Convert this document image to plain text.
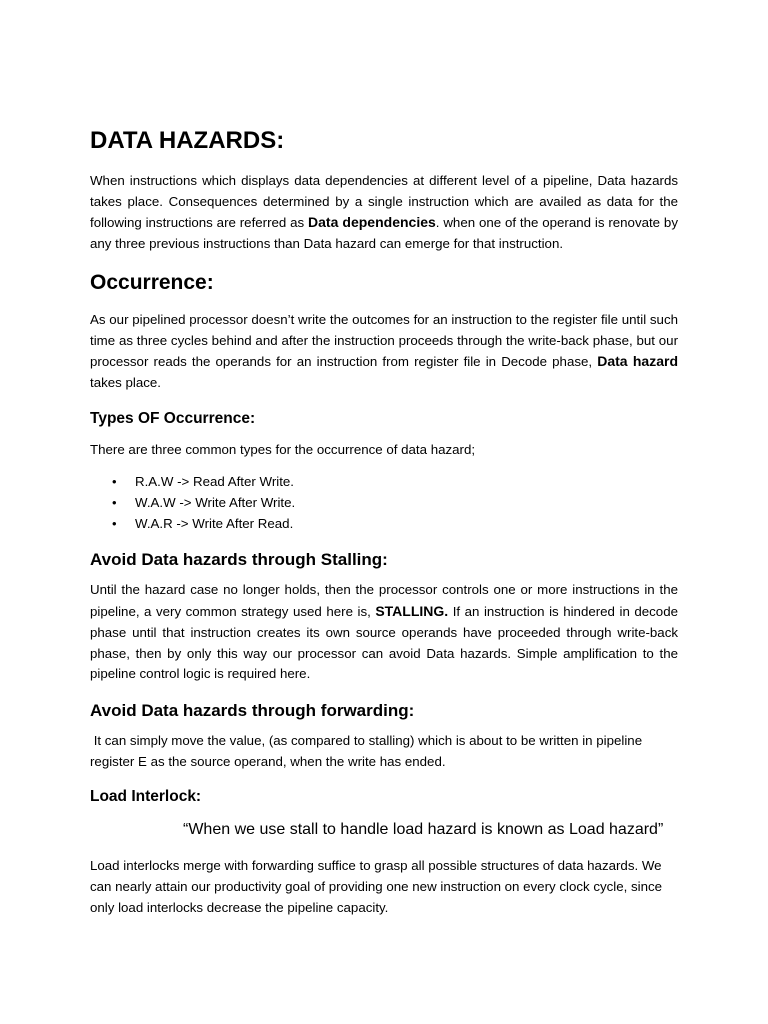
DATA HAZARDS:

When instructions which displays data dependencies at different level of a pipeline, Data hazards takes place. Consequences determined by a single instruction which are availed as data for the following instructions are referred as Data dependencies. when one of the operand is renovate by any three previous instructions than Data hazard can emerge for that instruction.

Occurrence:

As our pipelined processor doesn’t write the outcomes for an instruction to the register file until such time as three cycles behind and after the instruction proceeds through the write-back phase, but our processor reads the operands for an instruction from register file in Decode phase, Data hazard takes place.

Types OF Occurrence:

There are three common types for the occurrence of data hazard;

• R.A.W -> Read After Write.
• W.A.W -> Write After Write.
• W.A.R -> Write After Read.
Avoid Data hazards through Stalling:

Until the hazard case no longer holds, then the processor controls one or more instructions in the pipeline, a very common strategy used here is, STALLING. If an instruction is hindered in decode phase until that instruction creates its own source operands have proceeded through write-back phase, then by only this way our processor can avoid Data hazards. Simple amplification to the pipeline control logic is required here.

Avoid Data hazards through forwarding:

It can simply move the value, (as compared to stalling) which is about to be written in pipeline register E as the source operand, when the write has ended.

Load Interlock:
“When we use stall to handle load hazard is known as Load hazard”

Load interlocks merge with forwarding suffice to grasp all possible structures of data hazards. We can nearly attain our productivity goal of providing one new instruction on every clock cycle, since only load interlocks decrease the pipeline capacity.
